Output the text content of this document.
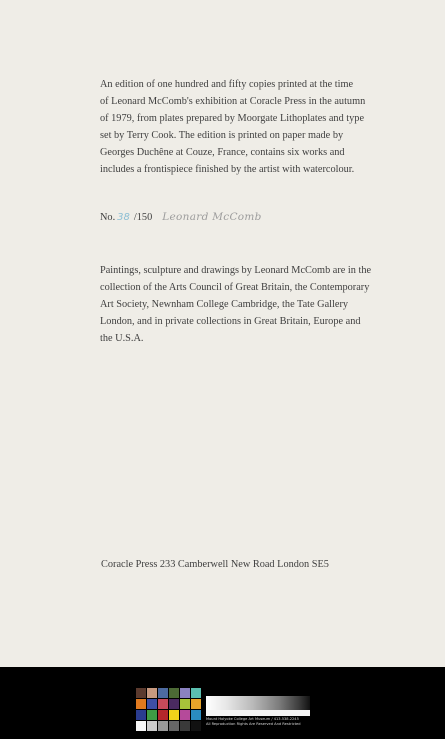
An edition of one hundred and fifty copies printed at the time
of Leonard McComb's exhibition at Coracle Press in the autumn
of 1979, from plates prepared by Moorgate Lithoplates and type
set by Terry Cook. The edition is printed on paper made by
Georges Duchêne at Couze, France, contains six works and
includes a frontispiece finished by the artist with watercolour.

No. 38 /150 Leonard McComb

Paintings, sculpture and drawings by Leonard McComb are in the
collection of the Arts Council of Great Britain, the Contemporary
Art Society, Newnham College Cambridge, the Tate Gallery
London, and in private collections in Great Britain, Europe and
the U.S.A.

Coracle Press 233 Camberwell New Road London SE5
Mount Holyoke College Art Museum / 413.538.2245
All Reproduction Rights Are Reserved And Restricted
